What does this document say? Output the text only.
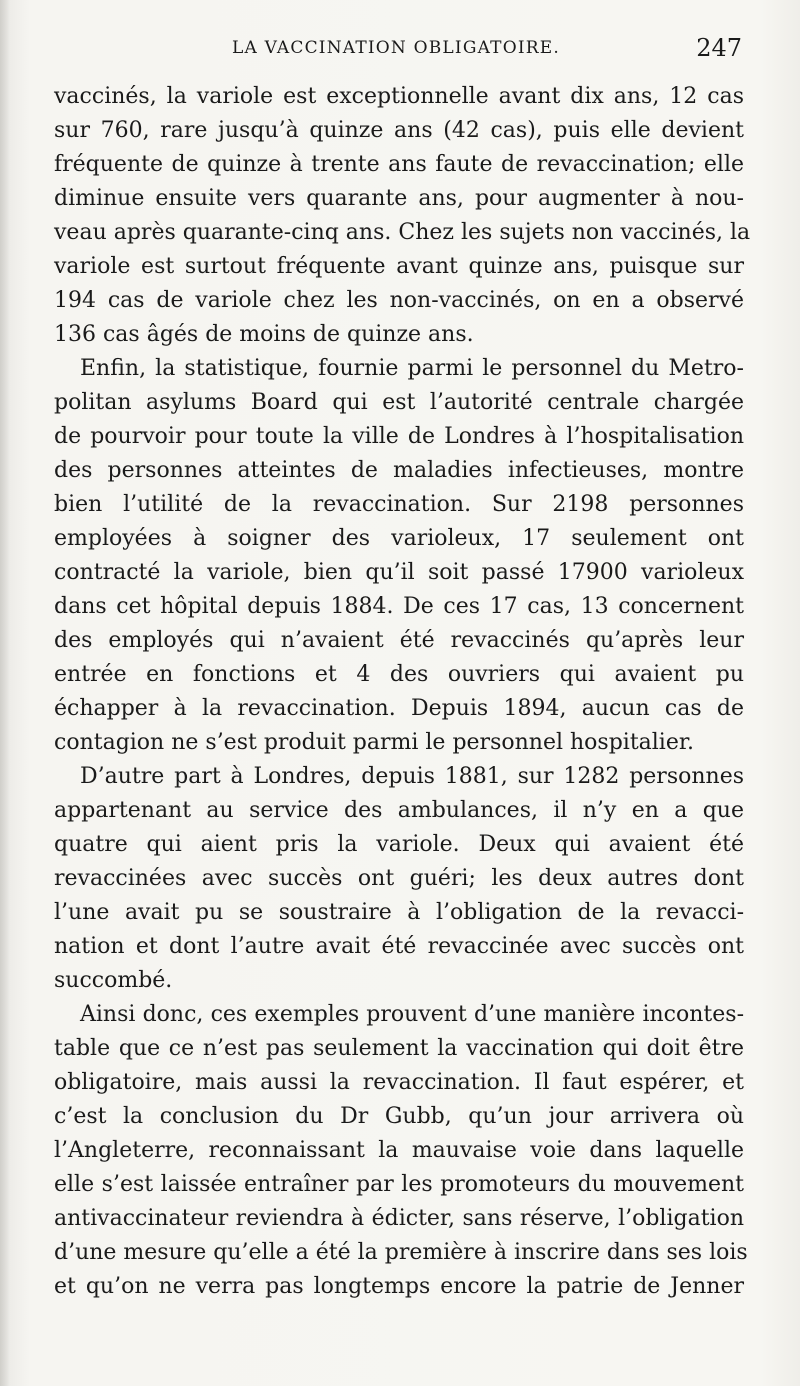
LA VACCINATION OBLIGATOIRE.	247
vaccinés, la variole est exceptionnelle avant dix ans, 12 cas
sur 760, rare jusqu’à quinze ans (42 cas), puis elle devient
fréquente de quinze à trente ans faute de revaccination; elle
diminue ensuite vers quarante ans, pour augmenter à nou-
veau après quarante-cinq ans. Chez les sujets non vaccinés, la
variole est surtout fréquente avant quinze ans, puisque sur
194 cas de variole chez les non-vaccinés, on en a observé
136 cas âgés de moins de quinze ans.
Enfin, la statistique, fournie parmi le personnel du Metro-
politan asylums Board qui est l’autorité centrale chargée
de pourvoir pour toute la ville de Londres à l’hospitalisation
des personnes atteintes de maladies infectieuses, montre
bien l’utilité de la revaccination. Sur 2198 personnes
employées à soigner des varioleux, 17 seulement ont
contracté la variole, bien qu’il soit passé 17900 varioleux
dans cet hôpital depuis 1884. De ces 17 cas, 13 concernent
des employés qui n’avaient été revaccinés qu’après leur
entrée en fonctions et 4 des ouvriers qui avaient pu
échapper à la revaccination. Depuis 1894, aucun cas de
contagion ne s’est produit parmi le personnel hospitalier.
D’autre part à Londres, depuis 1881, sur 1282 personnes
appartenant au service des ambulances, il n’y en a que
quatre qui aient pris la variole. Deux qui avaient été
revaccinées avec succès ont guéri; les deux autres dont
l’une avait pu se soustraire à l’obligation de la revacci-
nation et dont l’autre avait été revaccinée avec succès ont
succombé.
Ainsi donc, ces exemples prouvent d’une manière incontes-
table que ce n’est pas seulement la vaccination qui doit être
obligatoire, mais aussi la revaccination. Il faut espérer, et
c’est la conclusion du Dr Gubb, qu’un jour arrivera où
l’Angleterre, reconnaissant la mauvaise voie dans laquelle
elle s’est laissée entraîner par les promoteurs du mouvement
antivaccinateur reviendra à édicter, sans réserve, l’obligation
d’une mesure qu’elle a été la première à inscrire dans ses lois
et qu’on ne verra pas longtemps encore la patrie de Jenner
